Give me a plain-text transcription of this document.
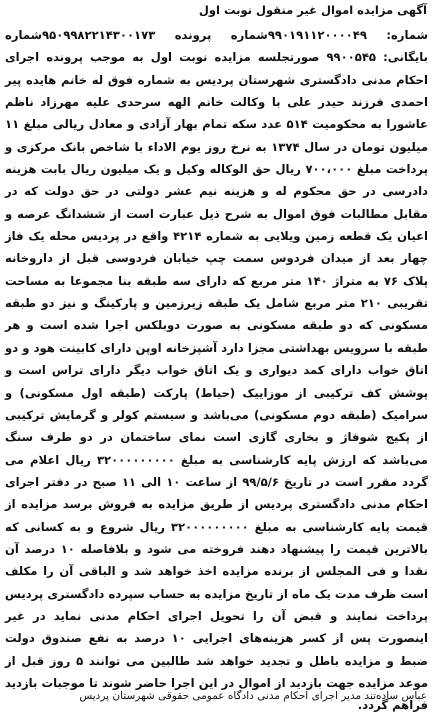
آگهی مزایده اموال غیر منقول نوبت اول

شماره: ۹۹۰۱۹۱۱۲۰۰۰۰۴۹شماره پرونده ۹۵۰۹۹۸۲۲۱۴۳۰۰۱۷۳شماره بایگانی: ۹۹۰۰۵۴۵ صورتجلسه مزایده نوبت اول به موجب پرونده اجرای احکام مدنی دادگستری شهرستان پردیس به شماره فوق له خانم هایده پیر احمدی فرزند حیدر علی با وکالت خانم الهه سرحدی علیه مهرزاد ناظم عاشورا به محکومیت ۵۱۴ عدد سکه تمام بهار آزادی و معادل ریالی مبلغ ۱۱ میلیون تومان در سال ۱۳۷۴ به نرخ روز یوم الاداء با شاخص بانک مرکزی و پرداخت مبلغ ۷۰۰،۰۰۰ ریال حق الوکاله وکیل و یک میلیون ریال بابت هزینه دادرسی در حق محکوم له و هزینه نیم عشر دولتی در حق دولت که در مقابل مطالبات فوق اموال به شرح ذیل عبارت است از ششدانگ عرصه و اعیان یک قطعه زمین ویلایی به شماره ۴۲۱۴ واقع در پردیس محله یک فاز چهار بعد از میدان فردوس سمت چپ خیابان فردوسی قبل از داروخانه پلاک ۷۶ به متراژ ۱۴۰ متر مربع که دارای سه طبقه بنا مجموعا به مساحت تقریبی ۲۱۰ متر مربع شامل یک طبقه زیرزمین و پارکینگ و نیز دو طبقه مسکونی که دو طبقه مسکونی به صورت دوبلکس اجرا شده است و هر طبقه با سرویس بهداشتی مجزا دارد آشپزخانه اوپن دارای کابینت هود و دو اتاق خواب دارای کمد دیواری و یک اتاق خواب دیگر دارای تراس است و پوشش کف ترکیبی از موزاییک (حیاط) پارکت (طبقه اول مسکونی) و سرامیک (طبقه دوم مسکونی) می‌باشد و سیستم کولر و گرمایش ترکیبی از پکیج شوفاژ و بخاری گازی است نمای ساختمان در دو طرف سنگ می‌باشد که ارزش پایه کارشناسی به مبلغ ۳۲۰۰۰۰۰۰۰۰۰ ریال اعلام می گردد مقرر است در تاریخ ۹۹/۵/۶ از ساعت ۱۰ الی ۱۱ صبح در دفتر اجرای احکام مدنی دادگستری پردیس از طریق مزایده به فروش برسد مزایده از قیمت پایه کارشناسی به مبلغ ۳۲۰۰۰۰۰۰۰۰۰ ریال شروع و به کسانی که بالاترین قیمت را پیشنهاد دهند فروخته می شود و بلافاصله ۱۰ درصد آن نقدا و فی المجلس از برنده مزایده اخذ خواهد شد و الباقی آن را مکلف است ظرف مدت یک ماه از تاریخ مزایده به حساب سپرده دادگستری پردیس پرداخت نمایند و قبض آن را تحویل اجرای احکام مدنی نماید در غیر اینصورت پس از کسر هزینه‌های اجرایی ۱۰ درصد به نفع صندوق دولت ضبط و مزایده باطل و تجدید خواهد شد طالبین می توانند ۵ روز قبل از موعد مزایده جهت بازدید از اموال در این اجرا حاضر شوند تا موجبات بازدید فراهم گردد.

عباس ساده‌تند مدیر اجرای احکام مدنی دادگاه عمومی حقوقی شهرستان پردیس
